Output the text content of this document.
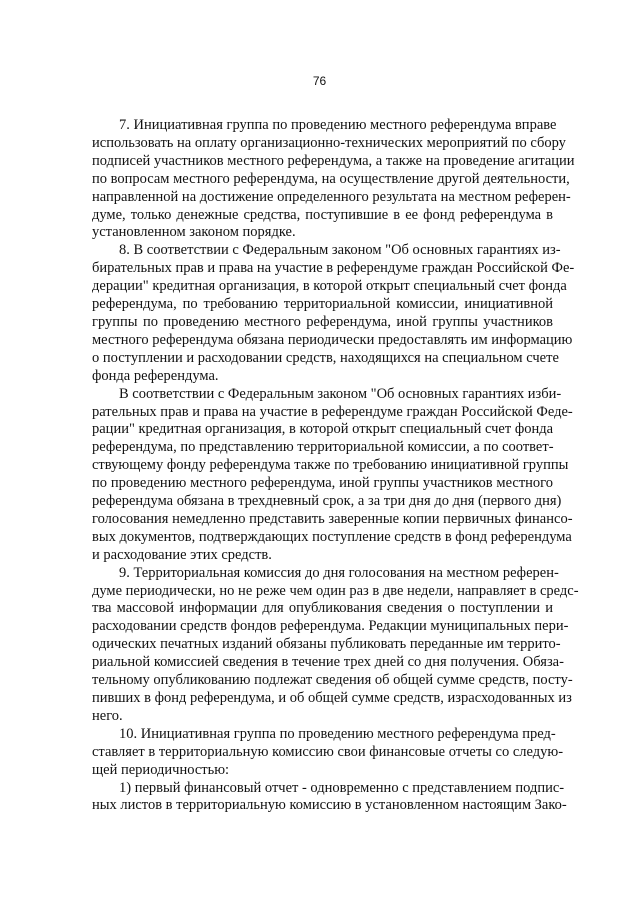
76

7. Инициативная группа по проведению местного референдума вправе
использовать на оплату организационно-технических мероприятий по сбору
подписей участников местного референдума, а также на проведение агитации
по вопросам местного референдума, на осуществление другой деятельности,
направленной на достижение определенного результата на местном референ-
думе, только денежные средства, поступившие в ее фонд референдума в
установленном законом порядке.

8. В соответствии с Федеральным законом "Об основных гарантиях из-
бирательных прав и права на участие в референдуме граждан Российской Фе-
дерации" кредитная организация, в которой открыт специальный счет фонда
референдума, по требованию территориальной комиссии, инициативной
группы по проведению местного референдума, иной группы участников
местного референдума обязана периодически предоставлять им информацию
о поступлении и расходовании средств, находящихся на специальном счете
фонда референдума.

В соответствии с Федеральным законом "Об основных гарантиях изби-
рательных прав и права на участие в референдуме граждан Российской Феде-
рации" кредитная организация, в которой открыт специальный счет фонда
референдума, по представлению территориальной комиссии, а по соответ-
ствующему фонду референдума также по требованию инициативной группы
по проведению местного референдума, иной группы участников местного
референдума обязана в трехдневный срок, а за три дня до дня (первого дня)
голосования немедленно представить заверенные копии первичных финансо-
вых документов, подтверждающих поступление средств в фонд референдума
и расходование этих средств.

9. Территориальная комиссия до дня голосования на местном референ-
думе периодически, но не реже чем один раз в две недели, направляет в средс-
тва массовой информации для опубликования сведения о поступлении и
расходовании средств фондов референдума. Редакции муниципальных пери-
одических печатных изданий обязаны публиковать переданные им террито-
риальной комиссией сведения в течение трех дней со дня получения. Обяза-
тельному опубликованию подлежат сведения об общей сумме средств, посту-
пивших в фонд референдума, и об общей сумме средств, израсходованных из
него.

10. Инициативная группа по проведению местного референдума пред-
ставляет в территориальную комиссию свои финансовые отчеты со следую-
щей периодичностью:

1) первый финансовый отчет - одновременно с представлением подпис-
ных листов в территориальную комиссию в установленном настоящим Зако-
